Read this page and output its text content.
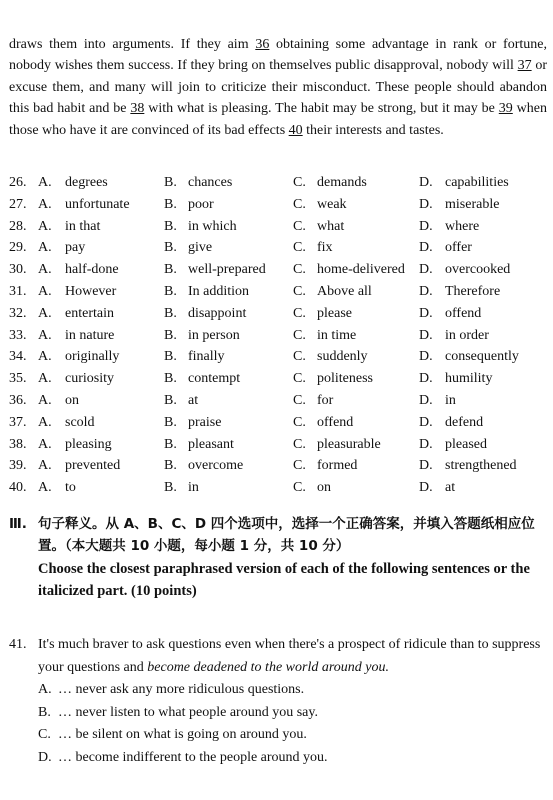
draws them into arguments. If they aim 36 obtaining some advantage in rank or fortune, nobody wishes them success. If they bring on themselves public disapproval, nobody will 37 or excuse them, and many will join to criticize their misconduct. These people should abandon this bad habit and be 38 with what is pleasing. The habit may be strong, but it may be 39 when those who have it are convinced of its bad effects 40 their interests and tastes.

26. A. degrees	B. chances	C. demands	D. capabilities
27. A. unfortunate B. poor	C. weak	D. miserable
28. A. in that	B. in which	C. what	D. where
29. A. pay	B. give	C. fix	D. offer
30. A. half-done	B. well-prepared C. home-delivered D. overcooked
31. A. However	B. In addition	C. Above all	D. Therefore
32. A. entertain	B. disappoint	C. please	D. offend
33. A. in nature	B. in person	C. in time	D. in order
34. A. originally	B. finally	C. suddenly	D. consequently
35. A. curiosity	B. contempt	C. politeness	D. humility
36. A. on	B. at	C. for	D. in
37. A. scold	B. praise	C. offend	D. defend
38. A. pleasing	B. pleasant	C. pleasurable	D. pleased
39. A. prevented	B. overcome	C. formed	D. strengthened
40. A. to	B. in	C. on	D. at
Ⅲ. 句子释义。从 A、B、C、D 四个选项中，选择一个正确答案，并填入答题纸相应位
置。（本大题共 10 小题，每小题 1 分，共 10 分）
Choose the closest paraphrased version of each of the following sentences or the italicized part. (10 points)
41. It's much braver to ask questions even when there's a prospect of ridicule than to suppress your questions and become deadened to the world around you.
A. … never ask any more ridiculous questions.
B. … never listen to what people around you say.
C. … be silent on what is going on around you.
D. … become indifferent to the people around you.
